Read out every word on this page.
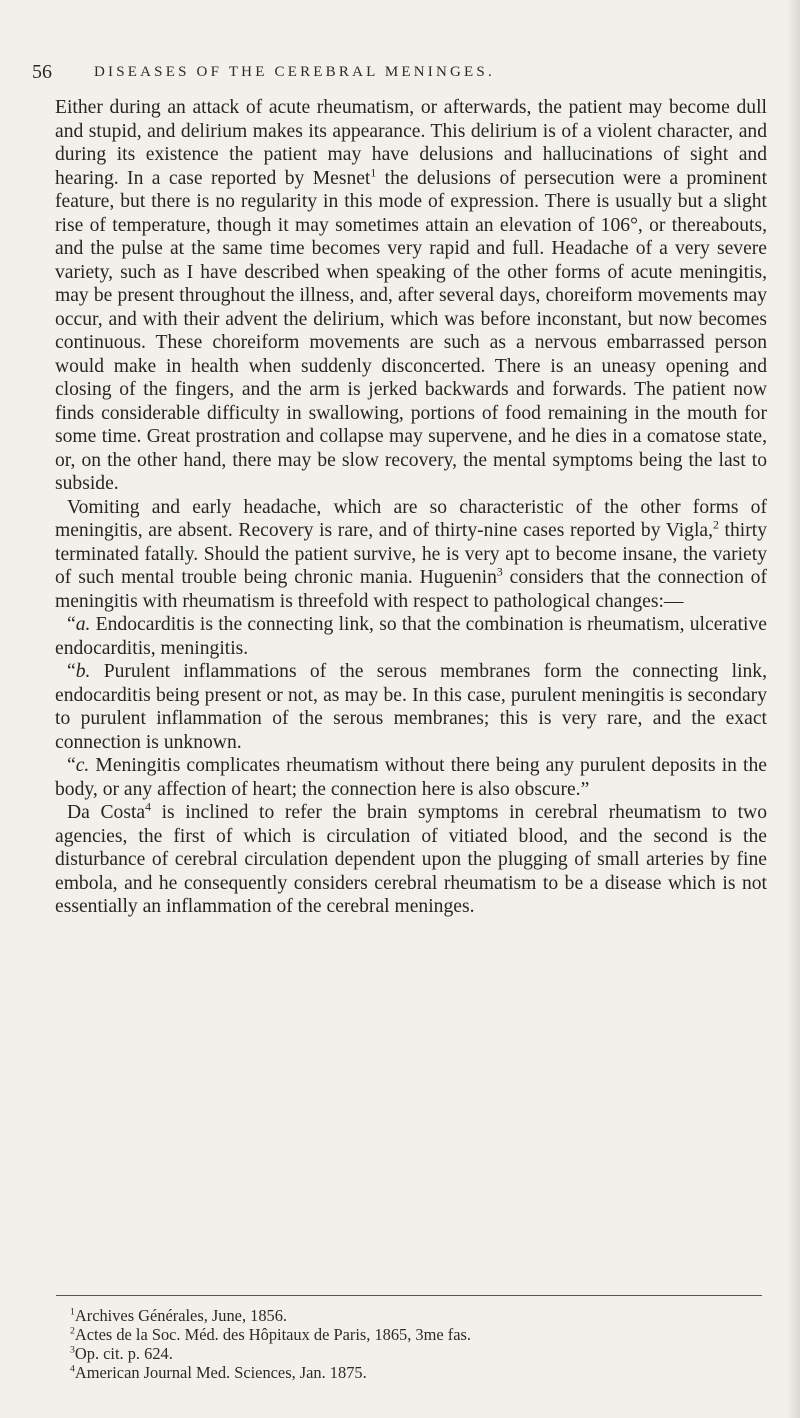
56	DISEASES OF THE CEREBRAL MENINGES.

Either during an attack of acute rheumatism, or afterwards, the patient may become dull and stupid, and delirium makes its appearance. This delirium is of a violent character, and during its existence the patient may have delusions and hallucinations of sight and hearing. In a case reported by Mesnet$^1$ the delusions of persecution were a prominent feature, but there is no regularity in this mode of expression. There is usually but a slight rise of temperature, though it may sometimes attain an elevation of 106°, or thereabouts, and the pulse at the same time becomes very rapid and full. Headache of a very severe variety, such as I have described when speaking of the other forms of acute meningitis, may be present throughout the illness, and, after several days, choreiform movements may occur, and with their advent the delirium, which was before inconstant, but now becomes continuous. These choreiform movements are such as a nervous embarrassed person would make in health when suddenly disconcerted. There is an uneasy opening and closing of the fingers, and the arm is jerked backwards and forwards. The patient now finds considerable difficulty in swallowing, portions of food remaining in the mouth for some time. Great prostration and collapse may supervene, and he dies in a comatose state, or, on the other hand, there may be slow recovery, the mental symptoms being the last to subside.

Vomiting and early headache, which are so characteristic of the other forms of meningitis, are absent. Recovery is rare, and of thirty-nine cases reported by Vigla,$^2$ thirty terminated fatally. Should the patient survive, he is very apt to become insane, the variety of such mental trouble being chronic mania. Huguenin$^3$ considers that the connection of meningitis with rheumatism is threefold with respect to pathological changes:—

“a. Endocarditis is the connecting link, so that the combination is rheumatism, ulcerative endocarditis, meningitis.

“b. Purulent inflammations of the serous membranes form the connecting link, endocarditis being present or not, as may be. In this case, purulent meningitis is secondary to purulent inflammation of the serous membranes; this is very rare, and the exact connection is unknown.

“c. Meningitis complicates rheumatism without there being any purulent deposits in the body, or any affection of heart; the connection here is also obscure.”

Da Costa$^4$ is inclined to refer the brain symptoms in cerebral rheumatism to two agencies, the first of which is circulation of vitiated blood, and the second is the disturbance of cerebral circulation dependent upon the plugging of small arteries by fine embola, and he consequently considers cerebral rheumatism to be a disease which is not essentially an inflammation of the cerebral meninges.

$^1$Archives Générales, June, 1856.
$^2$Actes de la Soc. Méd. des Hôpitaux de Paris, 1865, 3me fas.
$^3$Op. cit. p. 624.
$^4$American Journal Med. Sciences, Jan. 1875.
